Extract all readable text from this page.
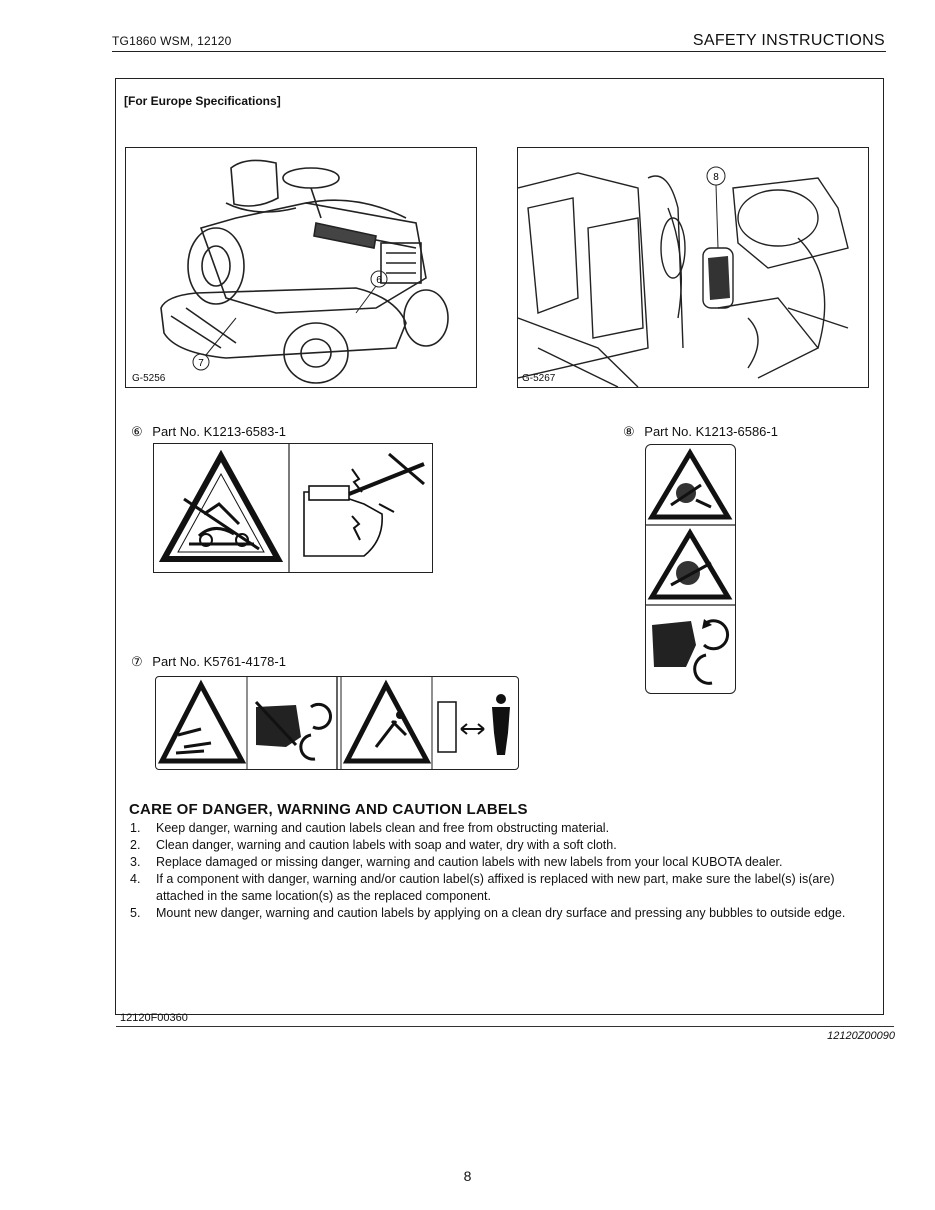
TG1860 WSM, 12120	SAFETY INSTRUCTIONS
[For Europe Specifications]
6
7
G-5256
8
G-5267
⑥ Part No. K1213-6583-1	⑧ Part No. K1213-6586-1
⑦ Part No. K5761-4178-1
CARE OF DANGER, WARNING AND CAUTION LABELS
1. Keep danger, warning and caution labels clean and free from obstructing material.
2. Clean danger, warning and caution labels with soap and water, dry with a soft cloth.
3. Replace damaged or missing danger, warning and caution labels with new labels from your local KUBOTA dealer.
4. If a component with danger, warning and/or caution label(s) affixed is replaced with new part, make sure the label(s) is(are) attached in the same location(s) as the replaced component.
5. Mount new danger, warning and caution labels by applying on a clean dry surface and pressing any bubbles to outside edge.
12120F00360
12120Z00090
8
